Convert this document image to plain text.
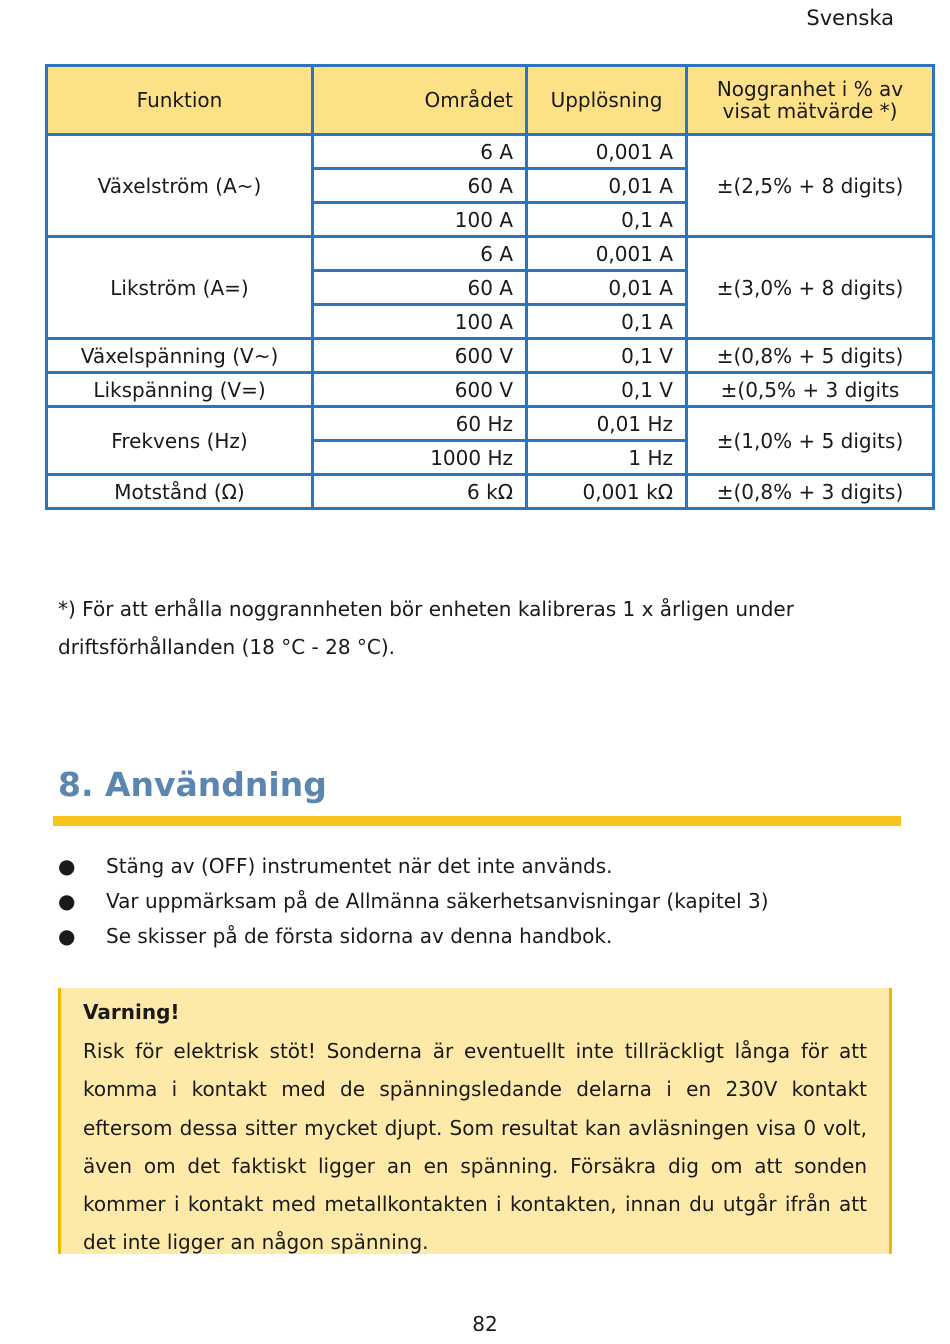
Svenska
Funktion	Området	Upplösning	Noggranhet i % av visat mätvärde *)
Växelström (A~)	6 A	0,001 A	±(2,5% + 8 digits)
	60 A	0,01 A	
	100 A	0,1 A	
Likström (A=)	6 A	0,001 A	±(3,0% + 8 digits)
	60 A	0,01 A	
	100 A	0,1 A	
Växelspänning (V~)	600 V	0,1 V	±(0,8% + 5 digits)
Likspänning (V=)	600 V	0,1 V	±(0,5% + 3 digits
Frekvens (Hz)	60 Hz	0,01 Hz	±(1,0% + 5 digits)
	1000 Hz	1 Hz	
Motstånd (Ω)	6 kΩ	0,001 kΩ	±(0,8% + 3 digits)

*) För att erhålla noggrannheten bör enheten kalibreras 1 x årligen under driftsförhållanden (18 °C - 28 °C).

8. Användning
●	Stäng av (OFF) instrumentet när det inte används.
●	Var uppmärksam på de Allmänna säkerhetsanvisningar (kapitel 3)
●	Se skisser på de första sidorna av denna handbok.
Varning!

Risk för elektrisk stöt! Sonderna är eventuellt inte tillräckligt långa för att komma i kontakt med de spänningsledande delarna i en 230V kontakt eftersom dessa sitter mycket djupt. Som resultat kan avläsningen visa 0 volt, även om det faktiskt ligger an en spänning. Försäkra dig om att sonden kommer i kontakt med metallkontakten i kontakten, innan du utgår ifrån att det inte ligger an någon spänning.

82
